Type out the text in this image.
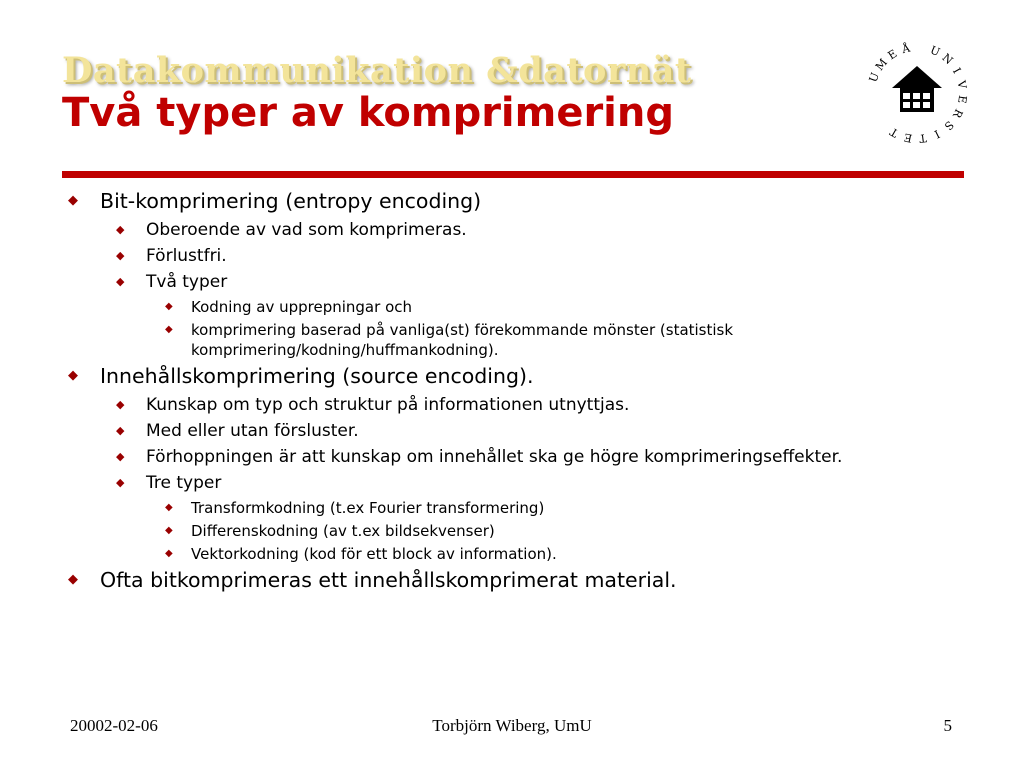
Datakommunikation &datornät
Två typer av komprimering
U
M
E Å U
N
I
V
E
R
S
I
T
E
T
◆ Bit-komprimering (entropy encoding)
◆ Oberoende av vad som komprimeras.
◆ Förlustfri.
◆ Två typer
◆ Kodning av upprepningar och
◆ komprimering baserad på vanliga(st) förekommande mönster (statistisk komprimering/kodning/huffmankodning).
◆ Innehållskomprimering (source encoding).
◆ Kunskap om typ och struktur på informationen utnyttjas.
◆ Med eller utan försluster.
◆ Förhoppningen är att kunskap om innehållet ska ge högre komprimeringseffekter.
◆ Tre typer
◆ Transformkodning (t.ex Fourier transformering)
◆ Differenskodning (av t.ex bildsekvenser)
◆ Vektorkodning (kod för ett block av information).
◆ Ofta bitkomprimeras ett innehållskomprimerat material.
20002-02-06	Torbjörn Wiberg, UmU	5
